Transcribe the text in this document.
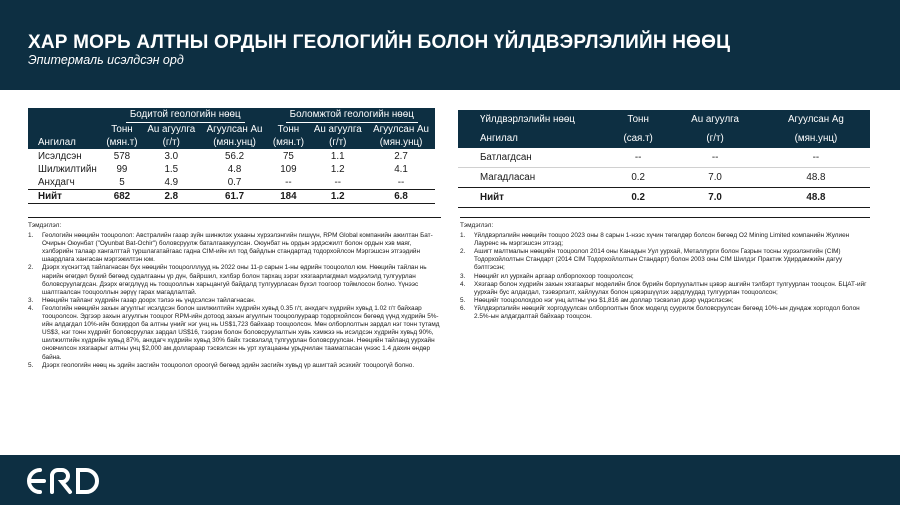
ХАР МОРЬ АЛТНЫ ОРДЫН ГЕОЛОГИЙН БОЛОН ҮЙЛДВЭРЛЭЛИЙН НӨӨЦ
Эпитермаль исэлдсэн орд
	Бодитой геологийн нөөц			Боломжтой геологийн нөөц		
	Тонн	Au агуулга	Агуулсан Au	Тонн	Au агуулга	Агуулсан Au
Ангилал	(мян.т)	(г/т)	(мян.унц)	(мян.т)	(г/т)	(мян.унц)
Исэлдсэн	578	3.0	56.2	75	1.1	2.7
Шилжилтийн	99	1.5	4.8	109	1.2	4.1
Анхдагч	5	4.9	0.7	--	--	--
Нийт	682	2.8	61.7	184	1.2	6.8
Үйлдвэрлэлийн нөөц	Тонн	Au агуулга	Агуулсан Ag
Ангилал	(сая.т)	(г/т)	(мян.унц)
Батлагдсан	--	--	--
Магадласан	0.2	7.0	48.8
Нийт	0.2	7.0	48.8
Тэмдэглэл:
1.	Геологийн нөөцийн тооцоолол: Австралийн газар зүйн шинжлэх ухааны хүрээлэнгийн гишүүн, RPM Global компанийн ажилтан Бат-Очирын Оюунбат ("Oyunbat Bat-Ochir") боловсруулж баталгаажуулсан. Оюунбат нь ордын эрдэсжилт болон ордын хэв маяг, хэлбэрийн талаар хангалттай туршлагатайгаас гадна CIM-ийн ил тод байдлын стандартад тодорхойлсон Мэргэшсэн этгээдийн шаардлага хангасан мэргэжилтэн юм.
2.	Дээрх хүснэгтэд тайлагнасан бүх нөөцийн тооцоолллууд нь 2022 оны 11-р сарын 1-ны өдрийн тооцоолол юм. Нөөцийн тайлан нь нарийн өгөгдөл бүхий бөгөөд судалгааны үр дүн, байршил, хэлбэр болон тархац зэрэг хязгаарлагдмал мэдээлэлд тулгуурлан боловсруулагдсан. Дээрх өгөгдлүүд нь тооцооллын харьцангуй байдалд тулгуурласан бүхэл тоогоор тойм​лосон болно. Үүнээс шалтгаалсан тооцооллын зөрүү гарах магадлалтай.
3.	Нөөцийн тайланг хүдрийн газар доорх тэлээ нь үндсэлсэн тайлагнасан.
4.	Геологийн нөөцийн захын агуулгыг исэлдсэн болон шилжилтийн хүдрийн хувьд 0.35 г/т, анхдагч хүдрийн хувьд 1.02 г/т байхаар тооцоолсон. Эдгээр захын агуулгын тооцоог RPM-ийн дотоод захын агуулгын тооцоолуураар тодорхойлсон бөгөөд үүнд хүдрийн 5%-ийн алдагдал 10%-ийн бохирдол ба алтны үнийг нэг унц нь US$1,723 байхаар тооцоолсон. Мөн олборлолтын зардал нэг тонн тутамд US$3, нэг тонн хүдрийг боловсруулах зардал US$16, тээрэм болон боловсруулалтын хувь хэмжээ нь исэлдсэн хүдрийн хувьд 90%, шилжилтийн хүдрийн хувьд 87%, анхдагч хүдрийн хувьд 30% байх тэсвэлэлд тулгуурлан боловсруулсан. Нөөцийн тайланд уурхайн оновчилсон хязгаарыг алтны унц $2,000 ам.доллараар тэсвэлсэн нь урт хугацааны урьдчилан таамагласан үнээс 1.4 дахин өндөр байна.
5.	Дээрх геологийн нөөц нь эдийн засгийн тооцоолол ороогүй бөгөөд эдийн засгийн хувьд үр ашигтай эсэхийг тооцоогүй болно.
Тэмдэглэл:
1.	Үйлдвэрлэлийн нөөцийн тооцоо 2023 оны 8 сарын 1-нээс хүчин төгөлдөр болсон бөгөөд O2 Mining Limited компанийн Жулиен Лауренс нь мэргэшсэн этгээд;
2.	Ашигт малтмалын нөөцийн тооцоолол 2014 оны Канадын Уул уурхай, Металлурги болон Газрын тосны хүрээлэнгийн (CIM) Тодорхойлолтын Стандарт (2014 CIM Тодорхойлолтын Стандарт) болон 2003 оны CIM Шилдэг Практик Удирдамжийн дагуу бэлтгэсэн;
3.	Нөөцийг ил уурхайн аргаар олборлохоор тооцоолсон;
4.	Хязгаар болон хүдрийн захын хязгаарыг моделийн блок бүрийн борлуулалтын цэвэр ашгийн тэлбэрт тулгуурлан тооцсон. БЦАТ-ийг уурхайн бус алдагдал, тээвэрлэлт, хайлуулах болон цэвэршүүлэх зардлуудад тулгуурлан тооцоолсон;
5.	Нөөцийг тооцоолохдоо нэг унц алтны үнэ $1,816 ам.доллар тэсвэлэл дээр үндэслэсэн;
6.	Үйлдвэрлэлийн нөөцийг хоргодуулсан олборлолтын блок моделд суурилж боловсруулсан бөгөөд 10%-ын дундаж хоргодол болон 2.5%-ын алдагдалтай байхаар тооцсон.
